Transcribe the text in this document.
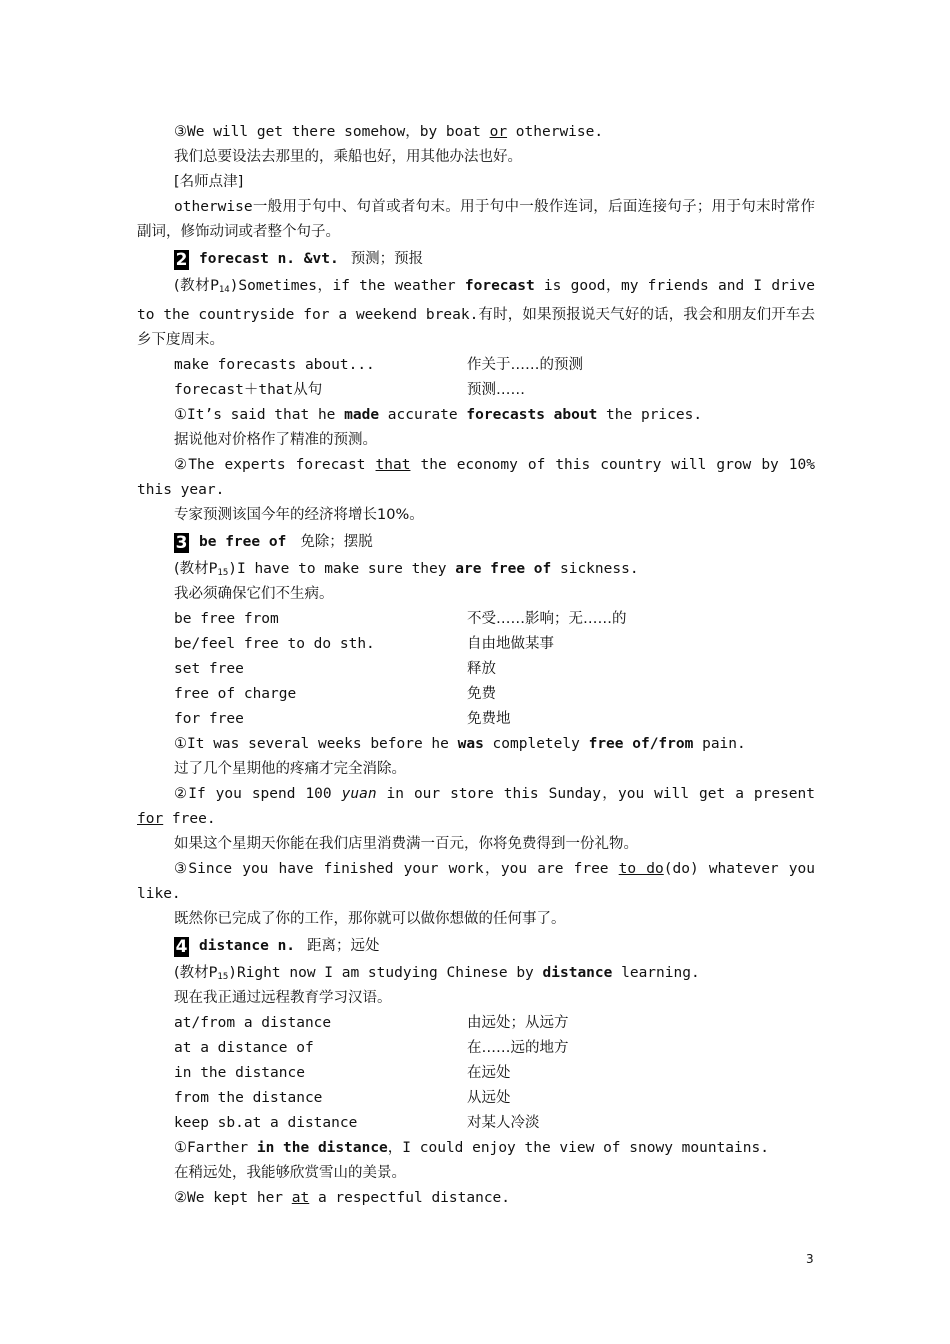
③We will get there somehow，by boat or otherwise.
我们总要设法去那里的，乘船也好，用其他办法也好。
[名师点津]
otherwise一般用于句中、句首或者句末。用于句中一般作连词，后面连接句子；用于句末时常作副词，修饰动词或者整个句子。
2 forecast n. &vt. 预测；预报
(教材$P_{14})Sometimes$，if the weather forecast is good，my friends and I drive to the countryside for a weekend break.有时，如果预报说天气好的话，我会和朋友们开车去乡下度周末。
make forecasts about...	作关于……的预测
forecast＋that从句	预测……
①It’s said that he made accurate forecasts about the prices.
据说他对价格作了精准的预测。
②The experts forecast that the economy of this country will grow by 10% this year.
专家预测该国今年的经济将增长10%。
3 be free of 免除；摆脱
(教材$P_{15})I$ have to make sure they are free of sickness.
我必须确保它们不生病。
be free from	不受……影响；无……的
be/feel free to do sth.	自由地做某事
set free	释放
free of charge	免费
for free	免费地
①It was several weeks before he was completely free of/from pain.
过了几个星期他的疼痛才完全消除。
②If you spend 100 yuan in our store this Sunday，you will get a present for free.
如果这个星期天你能在我们店里消费满一百元，你将免费得到一份礼物。
③Since you have finished your work，you are free to do(do) whatever you like.
既然你已完成了你的工作，那你就可以做你想做的任何事了。
4 distance n. 距离；远处
(教材$P_{15})Right$ now I am studying Chinese by distance learning.
现在我正通过远程教育学习汉语。
at/from a distance	由远处；从远方
at a distance of	在……远的地方
in the distance	在远处
from the distance	从远处
keep sb.at a distance	对某人冷淡
①Farther in the distance，I could enjoy the view of snowy mountains.
在稍远处，我能够欣赏雪山的美景。
②We kept her at a respectful distance.
3
